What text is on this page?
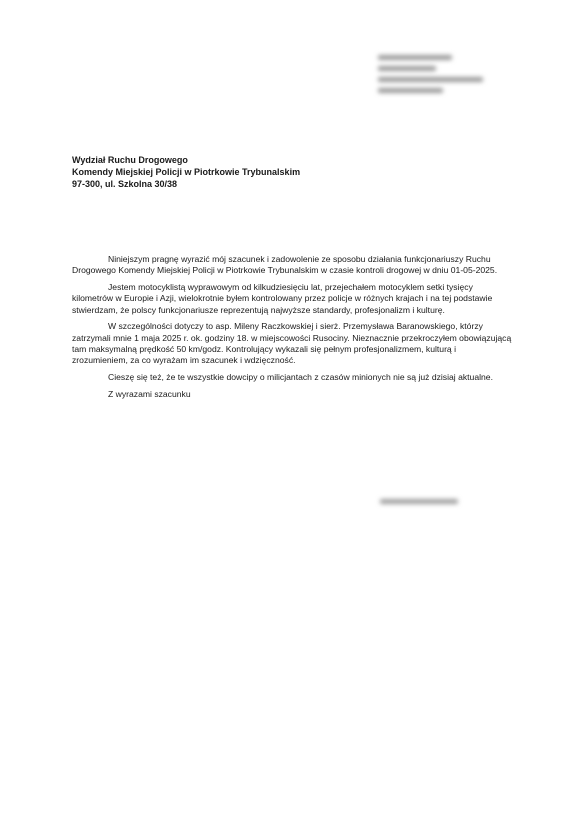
Wydział Ruchu Drogowego
Komendy Miejskiej Policji w Piotrkowie Trybunalskim
97-300, ul. Szkolna 30/38

Niniejszym pragnę wyrazić mój szacunek i zadowolenie ze sposobu działania funkcjonariuszy Ruchu Drogowego Komendy Miejskiej Policji w Piotrkowie Trybunalskim w czasie kontroli drogowej w dniu 01-05-2025.

Jestem motocyklistą wyprawowym od kilkudziesięciu lat, przejechałem motocyklem setki tysięcy kilometrów w Europie i Azji, wielokrotnie byłem kontrolowany przez policje w różnych krajach i na tej podstawie stwierdzam, że polscy funkcjonariusze reprezentują najwyższe standardy, profesjonalizm i kulturę.

W szczególności dotyczy to asp. Mileny Raczkowskiej i sierż. Przemysława Baranowskiego, którzy zatrzymali mnie 1 maja 2025 r. ok. godziny 18. w miejscowości Rusociny. Nieznacznie przekroczyłem obowiązującą tam maksymalną prędkość 50 km/godz. Kontrolujący wykazali się pełnym profesjonalizmem, kulturą i zrozumieniem, za co wyrażam im szacunek i wdzięczność.

Cieszę się też, że te wszystkie dowcipy o milicjantach z czasów minionych nie są już dzisiaj aktualne.

Z wyrazami szacunku
